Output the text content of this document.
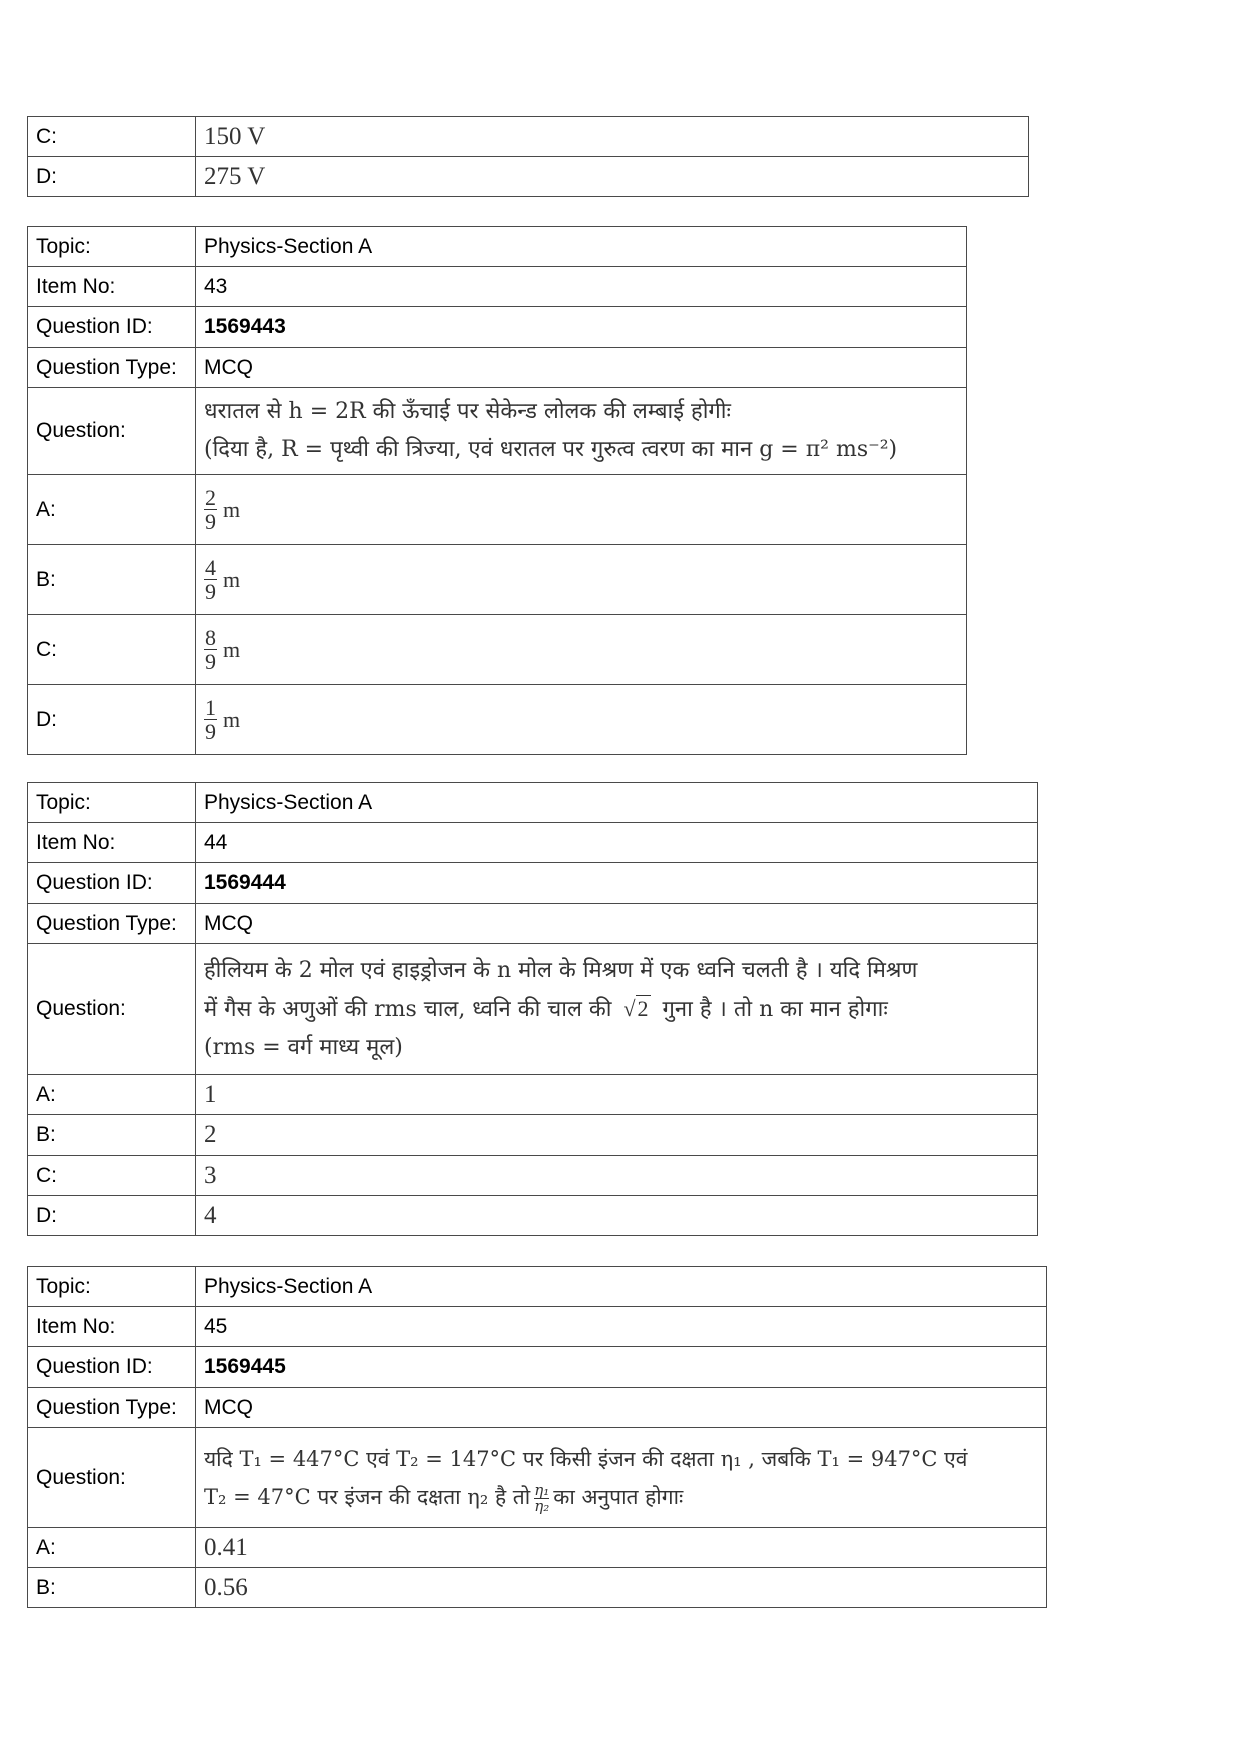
C:	150 V
D:	275 V
Topic:	Physics-Section A
Item No:	43
Question ID:	1569443
Question Type:	MCQ
Question:	धरातल से h = 2R की ऊँचाई पर सेकेन्ड लोलक की लम्बाई होगीः
(दिया है, R = पृथ्वी की त्रिज्या, एवं धरातल पर गुरुत्व त्वरण का मान g = π² ms⁻²)

A:	$\frac{2}{9}$ m
B:	$\frac{4}{9}$ m
C:	$\frac{8}{9}$ m
D:	$\frac{1}{9}$ m
Topic:	Physics-Section A
Item No:	44
Question ID:	1569444
Question Type:	MCQ
Question:	हीलियम के 2 मोल एवं हाइड्रोजन के n मोल के मिश्रण में एक ध्वनि चलती है । यदि मिश्रण
में गैस के अणुओं की rms चाल, ध्वनि की चाल की √2 गुना है । तो n का मान होगाः
(rms = वर्ग माध्य मूल)

A:	1
B:	2
C:	3
D:	4
Topic:	Physics-Section A
Item No:	45
Question ID:	1569445
Question Type:	MCQ
Question:	यदि T₁ = 447°C एवं T₂ = 147°C पर किसी इंजन की दक्षता η₁ , जबकि T₁ = 947°C एवं
T₂ = 47°C पर इंजन की दक्षता η₂ है तो $\frac{\text{η₁}}{\text{η₂}}$ का अनुपात होगाः

A:	0.41
B:	0.56
